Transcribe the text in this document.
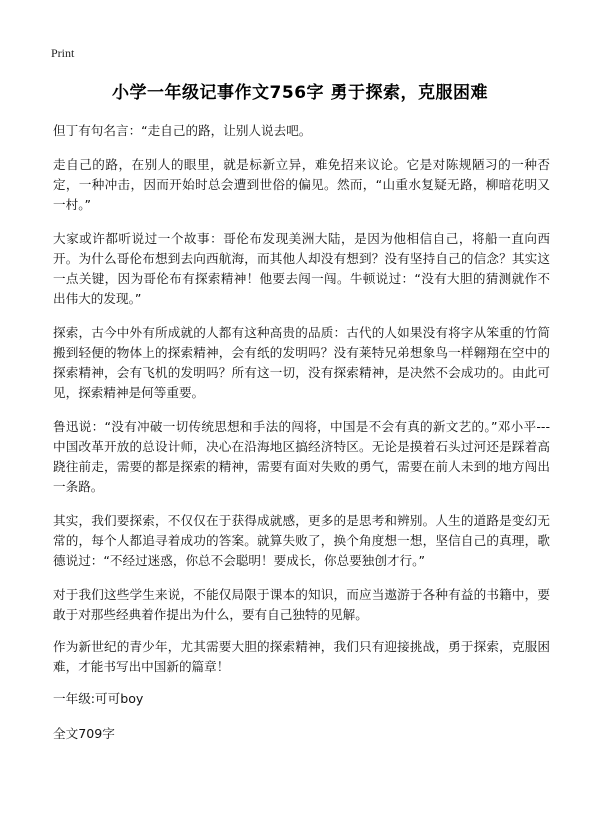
Print
小学一年级记事作文756字 勇于探索，克服困难

但丁有句名言：“走自己的路，让别人说去吧。

走自己的路，在别人的眼里，就是标新立异，难免招来议论。它是对陈规陋习的一种否定，一种冲击，因而开始时总会遭到世俗的偏见。然而，“山重水复疑无路，柳暗花明又一村。”

大家或许都听说过一个故事：哥伦布发现美洲大陆，是因为他相信自己，将船一直向西开。为什么哥伦布想到去向西航海，而其他人却没有想到？没有坚持自己的信念？其实这一点关键，因为哥伦布有探索精神！他要去闯一闯。牛顿说过：“没有大胆的猜测就作不出伟大的发现。”

探索，古今中外有所成就的人都有这种高贵的品质：古代的人如果没有将字从笨重的竹简搬到轻便的物体上的探索精神，会有纸的发明吗？没有莱特兄弟想象鸟一样翱翔在空中的探索精神，会有飞机的发明吗？所有这一切，没有探索精神，是决然不会成功的。由此可见，探索精神是何等重要。

鲁迅说：“没有冲破一切传统思想和手法的闯将，中国是不会有真的新文艺的。”邓小平---中国改革开放的总设计师，决心在沿海地区搞经济特区。无论是摸着石头过河还是踩着高跷往前走，需要的都是探索的精神，需要有面对失败的勇气，需要在前人未到的地方闯出一条路。

其实，我们要探索，不仅仅在于获得成就感，更多的是思考和辨别。人生的道路是变幻无常的，每个人都追寻着成功的答案。就算失败了，换个角度想一想，坚信自己的真理，歌德说过：“不经过迷惑，你总不会聪明！要成长，你总要独创才行。”

对于我们这些学生来说，不能仅局限于课本的知识，而应当遨游于各种有益的书籍中，要敢于对那些经典着作提出为什么，要有自己独特的见解。

作为新世纪的青少年，尤其需要大胆的探索精神，我们只有迎接挑战，勇于探索，克服困难，才能书写出中国新的篇章！

一年级:可可boy
全文709字
